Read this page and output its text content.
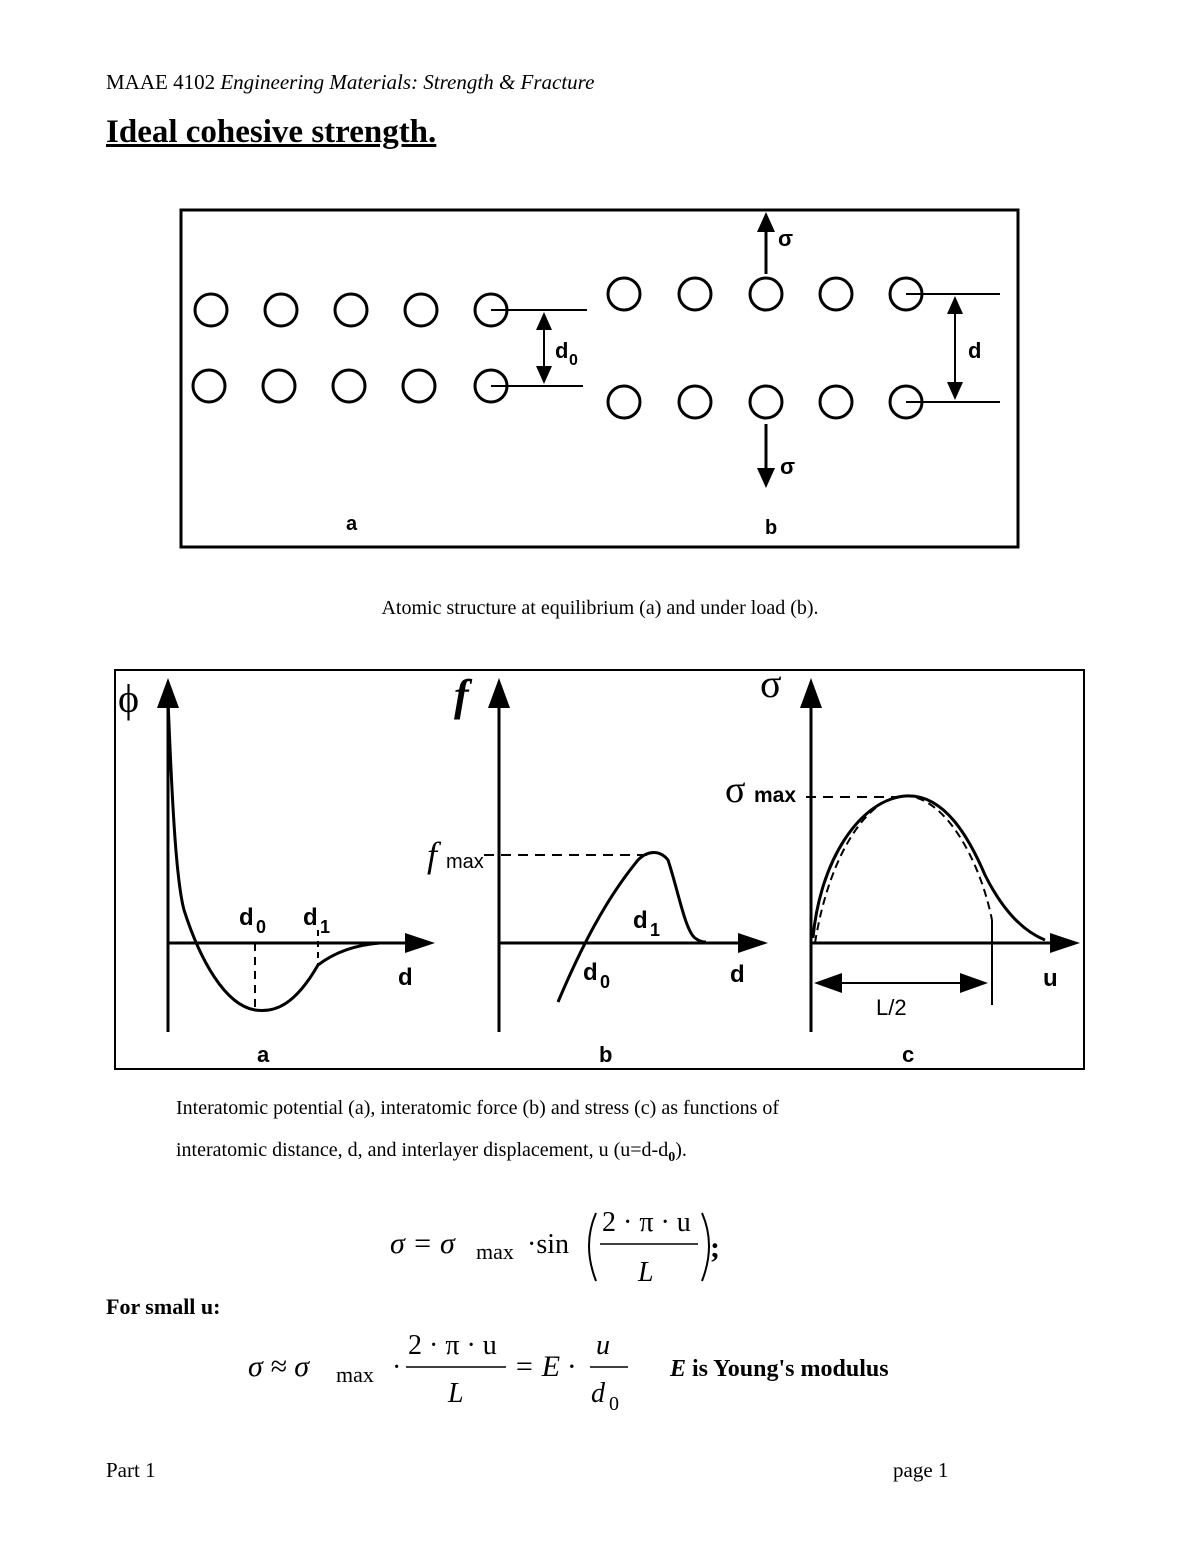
MAAE 4102 Engineering Materials: Strength & Fracture
Ideal cohesive strength.
d 0	d
σ
σ
a	b
Atomic structure at equilibrium (a) and under load (b).
ϕ
d 0 d 1
d
a
f
f max
d 1
d 0	d
b
σ
σ max
u
L/2
c
Interatomic potential (a), interatomic force (b) and stress (c) as functions of
interatomic distance, d, and interlayer displacement, u $(u=d-d_0)$.
σ = σ max ·sin
2 · π · u
L
;
For small u:
σ ≈ σ max ·
2 · π · u
L
= E ·
u
d 0
E is Young's modulus
Part 1	page 1
